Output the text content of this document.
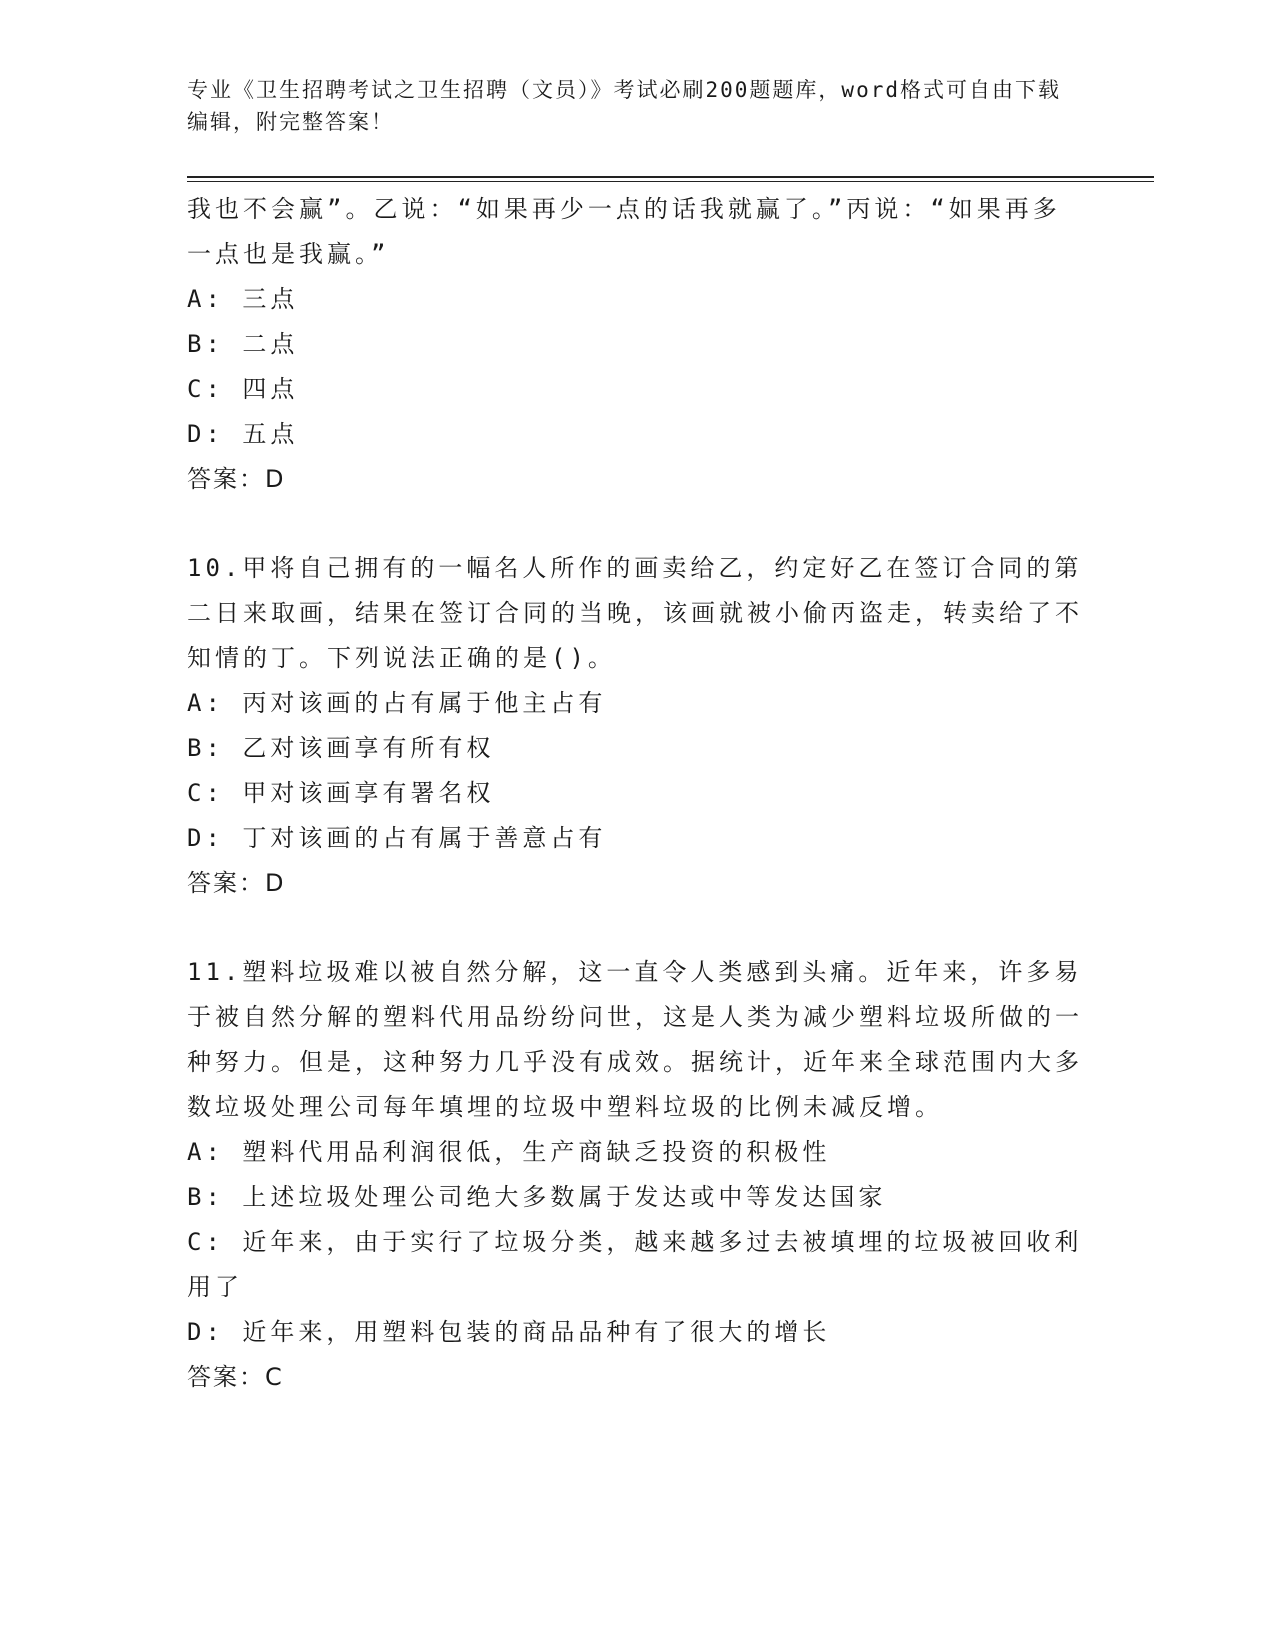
专业《卫生招聘考试之卫生招聘（文员）》考试必刷200题题库，word格式可自由下载编辑，附完整答案！

我也不会赢”。乙说：“如果再少一点的话我就赢了。”丙说：“如果再多一点也是我赢。”

A: 三点

B: 二点

C: 四点

D: 五点

答案：D

10.甲将自己拥有的一幅名人所作的画卖给乙，约定好乙在签订合同的第二日来取画，结果在签订合同的当晚，该画就被小偷丙盗走，转卖给了不知情的丁。下列说法正确的是()。

A: 丙对该画的占有属于他主占有

B: 乙对该画享有所有权

C: 甲对该画享有署名权

D: 丁对该画的占有属于善意占有

答案：D

11.塑料垃圾难以被自然分解，这一直令人类感到头痛。近年来，许多易于被自然分解的塑料代用品纷纷问世，这是人类为减少塑料垃圾所做的一种努力。但是，这种努力几乎没有成效。据统计，近年来全球范围内大多数垃圾处理公司每年填埋的垃圾中塑料垃圾的比例未减反增。

A: 塑料代用品利润很低，生产商缺乏投资的积极性

B: 上述垃圾处理公司绝大多数属于发达或中等发达国家

C: 近年来，由于实行了垃圾分类，越来越多过去被填埋的垃圾被回收利用了

D: 近年来，用塑料包装的商品品种有了很大的增长

答案：C
